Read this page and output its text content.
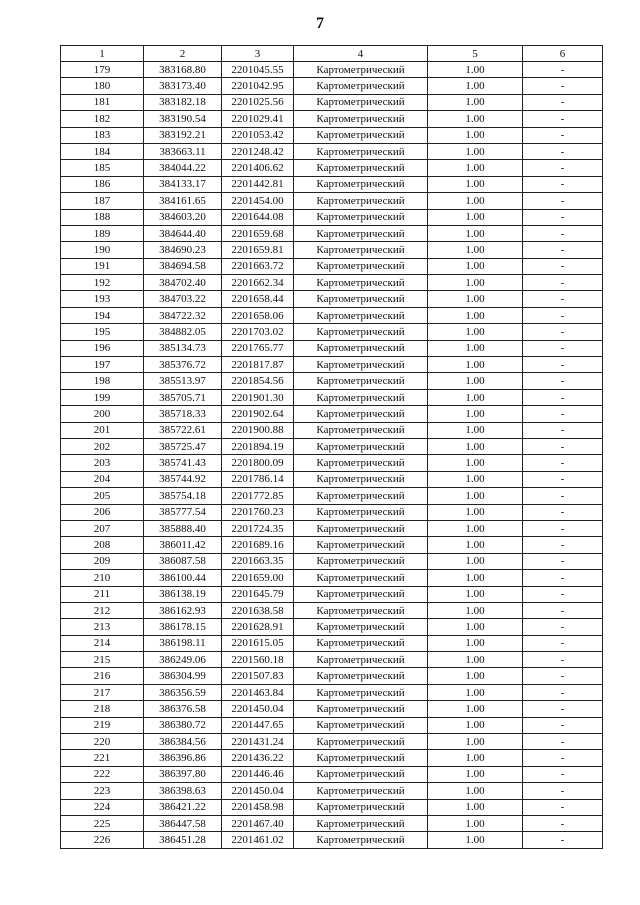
7
1	2	3	4	5	6
179	383168.80	2201045.55	Картометрический	1.00	-
180	383173.40	2201042.95	Картометрический	1.00	-
181	383182.18	2201025.56	Картометрический	1.00	-
182	383190.54	2201029.41	Картометрический	1.00	-
183	383192.21	2201053.42	Картометрический	1.00	-
184	383663.11	2201248.42	Картометрический	1.00	-
185	384044.22	2201406.62	Картометрический	1.00	-
186	384133.17	2201442.81	Картометрический	1.00	-
187	384161.65	2201454.00	Картометрический	1.00	-
188	384603.20	2201644.08	Картометрический	1.00	-
189	384644.40	2201659.68	Картометрический	1.00	-
190	384690.23	2201659.81	Картометрический	1.00	-
191	384694.58	2201663.72	Картометрический	1.00	-
192	384702.40	2201662.34	Картометрический	1.00	-
193	384703.22	2201658.44	Картометрический	1.00	-
194	384722.32	2201658.06	Картометрический	1.00	-
195	384882.05	2201703.02	Картометрический	1.00	-
196	385134.73	2201765.77	Картометрический	1.00	-
197	385376.72	2201817.87	Картометрический	1.00	-
198	385513.97	2201854.56	Картометрический	1.00	-
199	385705.71	2201901.30	Картометрический	1.00	-
200	385718.33	2201902.64	Картометрический	1.00	-
201	385722.61	2201900.88	Картометрический	1.00	-
202	385725.47	2201894.19	Картометрический	1.00	-
203	385741.43	2201800.09	Картометрический	1.00	-
204	385744.92	2201786.14	Картометрический	1.00	-
205	385754.18	2201772.85	Картометрический	1.00	-
206	385777.54	2201760.23	Картометрический	1.00	-
207	385888.40	2201724.35	Картометрический	1.00	-
208	386011.42	2201689.16	Картометрический	1.00	-
209	386087.58	2201663.35	Картометрический	1.00	-
210	386100.44	2201659.00	Картометрический	1.00	-
211	386138.19	2201645.79	Картометрический	1.00	-
212	386162.93	2201638.58	Картометрический	1.00	-
213	386178.15	2201628.91	Картометрический	1.00	-
214	386198.11	2201615.05	Картометрический	1.00	-
215	386249.06	2201560.18	Картометрический	1.00	-
216	386304.99	2201507.83	Картометрический	1.00	-
217	386356.59	2201463.84	Картометрический	1.00	-
218	386376.58	2201450.04	Картометрический	1.00	-
219	386380.72	2201447.65	Картометрический	1.00	-
220	386384.56	2201431.24	Картометрический	1.00	-
221	386396.86	2201436.22	Картометрический	1.00	-
222	386397.80	2201446.46	Картометрический	1.00	-
223	386398.63	2201450.04	Картометрический	1.00	-
224	386421.22	2201458.98	Картометрический	1.00	-
225	386447.58	2201467.40	Картометрический	1.00	-
226	386451.28	2201461.02	Картометрический	1.00	-
